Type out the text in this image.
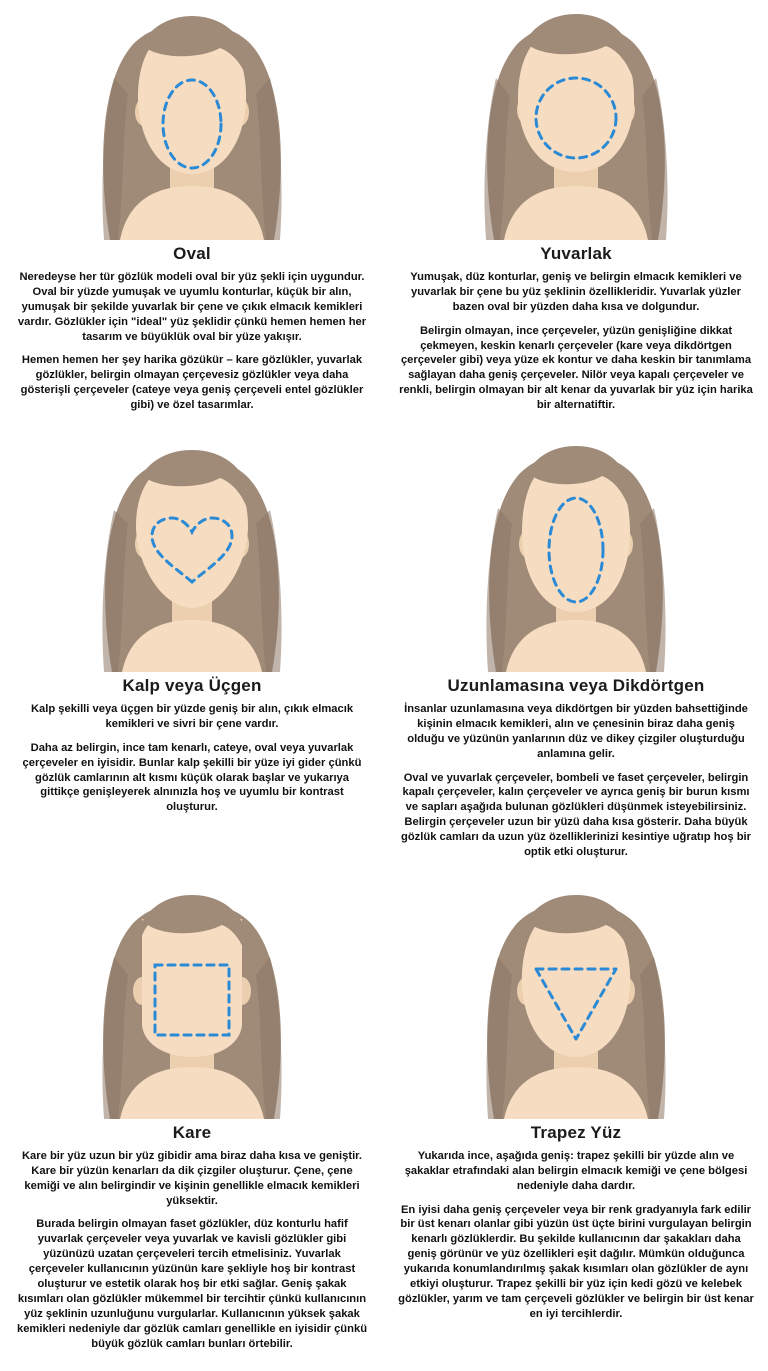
Oval

Neredeyse her tür gözlük modeli oval bir yüz şekli için uygundur. Oval bir yüzde yumuşak ve uyumlu konturlar, küçük bir alın, yumuşak bir şekilde yuvarlak bir çene ve çıkık elmacık kemikleri vardır. Gözlükler için "ideal" yüz şeklidir çünkü hemen hemen her tasarım ve büyüklük oval bir yüze yakışır.

Hemen hemen her şey harika gözükür – kare gözlükler, yuvarlak gözlükler, belirgin olmayan çerçevesiz gözlükler veya daha gösterişli çerçeveler (cateye veya geniş çerçeveli entel gözlükler gibi) ve özel tasarımlar.

Yuvarlak

Yumuşak, düz konturlar, geniş ve belirgin elmacık kemikleri ve yuvarlak bir çene bu yüz şeklinin özellikleridir. Yuvarlak yüzler bazen oval bir yüzden daha kısa ve dolgundur.

Belirgin olmayan, ince çerçeveler, yüzün genişliğine dikkat çekmeyen, keskin kenarlı çerçeveler (kare veya dikdörtgen çerçeveler gibi) veya yüze ek kontur ve daha keskin bir tanımlama sağlayan daha geniş çerçeveler. Nilör veya kapalı çerçeveler ve renkli, belirgin olmayan bir alt kenar da yuvarlak bir yüz için harika bir alternatiftir.

Kalp veya Üçgen

Kalp şekilli veya üçgen bir yüzde geniş bir alın, çıkık elmacık kemikleri ve sivri bir çene vardır.

Daha az belirgin, ince tam kenarlı, cateye, oval veya yuvarlak çerçeveler en iyisidir. Bunlar kalp şekilli bir yüze iyi gider çünkü gözlük camlarının alt kısmı küçük olarak başlar ve yukarıya gittikçe genişleyerek alnınızla hoş ve uyumlu bir kontrast oluşturur.

Uzunlamasına veya Dikdörtgen

İnsanlar uzunlamasına veya dikdörtgen bir yüzden bahsettiğinde kişinin elmacık kemikleri, alın ve çenesinin biraz daha geniş olduğu ve yüzünün yanlarının düz ve dikey çizgiler oluşturduğu anlamına gelir.

Oval ve yuvarlak çerçeveler, bombeli ve faset çerçeveler, belirgin kapalı çerçeveler, kalın çerçeveler ve ayrıca geniş bir burun kısmı ve sapları aşağıda bulunan gözlükleri düşünmek isteyebilirsiniz. Belirgin çerçeveler uzun bir yüzü daha kısa gösterir. Daha büyük gözlük camları da uzun yüz özelliklerinizi kesintiye uğratıp hoş bir optik etki oluşturur.

Kare

Kare bir yüz uzun bir yüz gibidir ama biraz daha kısa ve geniştir. Kare bir yüzün kenarları da dik çizgiler oluşturur. Çene, çene kemiği ve alın belirgindir ve kişinin genellikle elmacık kemikleri yüksektir.

Burada belirgin olmayan faset gözlükler, düz konturlu hafif yuvarlak çerçeveler veya yuvarlak ve kavisli gözlükler gibi yüzünüzü uzatan çerçeveleri tercih etmelisiniz. Yuvarlak çerçeveler kullanıcının yüzünün kare şekliyle hoş bir kontrast oluşturur ve estetik olarak hoş bir etki sağlar. Geniş şakak kısımları olan gözlükler mükemmel bir tercihtir çünkü kullanıcının yüz şeklinin uzunluğunu vurgularlar. Kullanıcının yüksek şakak kemikleri nedeniyle dar gözlük camları genellikle en iyisidir çünkü büyük gözlük camları bunları örtebilir.

Trapez Yüz

Yukarıda ince, aşağıda geniş: trapez şekilli bir yüzde alın ve şakaklar etrafındaki alan belirgin elmacık kemiği ve çene bölgesi nedeniyle daha dardır.

En iyisi daha geniş çerçeveler veya bir renk gradyanıyla fark edilir bir üst kenarı olanlar gibi yüzün üst üçte birini vurgulayan belirgin kenarlı gözlüklerdir. Bu şekilde kullanıcının dar şakakları daha geniş görünür ve yüz özellikleri eşit dağılır. Mümkün olduğunca yukarıda konumlandırılmış şakak kısımları olan gözlükler de aynı etkiyi oluşturur. Trapez şekilli bir yüz için kedi gözü ve kelebek gözlükler, yarım ve tam çerçeveli gözlükler ve belirgin bir üst kenar en iyi tercihlerdir.
